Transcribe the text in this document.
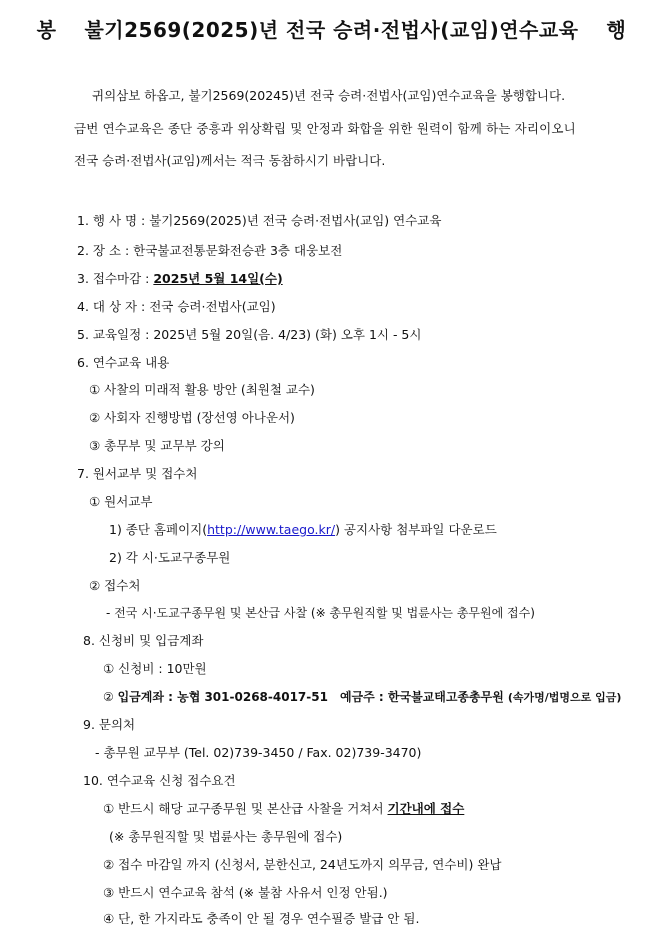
봉 불기2569(2025)년 전국 승려·전법사(교임)연수교육 행
귀의삼보 하옵고, 불기2569(20245)년 전국 승려·전법사(교임)연수교육을 봉행합니다.
금번 연수교육은 종단 중흥과 위상확립 및 안정과 화합을 위한 원력이 함께 하는 자리이오니
전국 승려·전법사(교임)께서는 적극 동참하시기 바랍니다.
1. 행 사 명 : 불기2569(2025)년 전국 승려·전법사(교임) 연수교육
2. 장 소 : 한국불교전통문화전승관 3층 대웅보전
3. 접수마감 : 2025년 5월 14일(수)
4. 대 상 자 : 전국 승려·전법사(교임)
5. 교육일정 : 2025년 5월 20일(음. 4/23) (화) 오후 1시 - 5시
6. 연수교육 내용
① 사찰의 미래적 활용 방안 (최원철 교수)
② 사회자 진행방법 (장선영 아나운서)
③ 총무부 및 교무부 강의
7. 원서교부 및 접수처
① 원서교부
1) 종단 홈페이지(http://www.taego.kr/) 공지사항 첨부파일 다운로드
2) 각 시·도교구종무원
② 접수처
- 전국 시·도교구종무원 및 본산급 사찰 (※ 총무원직할 및 법륜사는 총무원에 접수)
8. 신청비 및 입금계좌
① 신청비 : 10만원
② 입금계좌 : 농협 301-0268-4017-51 예금주 : 한국불교태고종총무원 (속가명/법명으로 입금)
9. 문의처
- 총무원 교무부 (Tel. 02)739-3450 / Fax. 02)739-3470)
10. 연수교육 신청 접수요건
① 반드시 해당 교구종무원 및 본산급 사찰을 거쳐서 기간내에 접수
(※ 총무원직할 및 법륜사는 총무원에 접수)
② 접수 마감일 까지 (신청서, 분한신고, 24년도까지 의무금, 연수비) 완납
③ 반드시 연수교육 참석 (※ 불참 사유서 인정 안됨.)
④ 단, 한 가지라도 충족이 안 될 경우 연수필증 발급 안 됨.
